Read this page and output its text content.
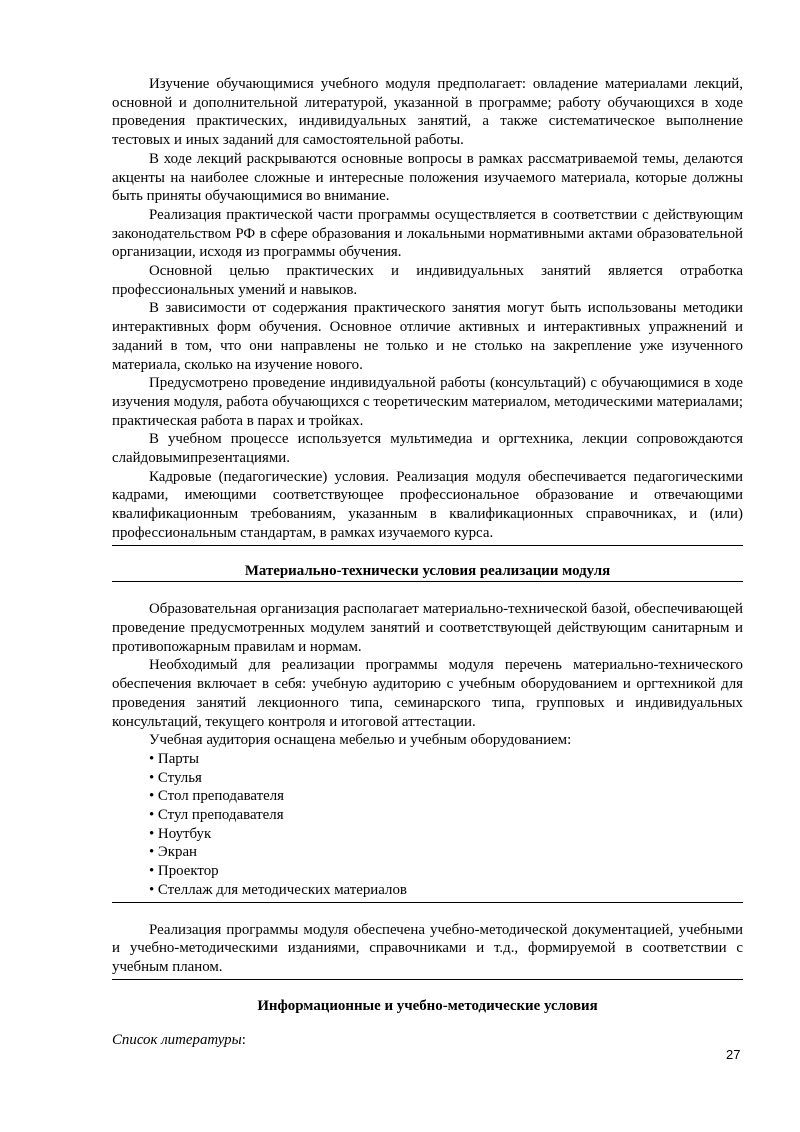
Изучение обучающимися учебного модуля предполагает: овладение материалами лекций, основной и дополнительной литературой, указанной в программе; работу обучающихся в ходе проведения практических, индивидуальных занятий, а также систематическое выполнение тестовых и иных заданий для самостоятельной работы.

В ходе лекций раскрываются основные вопросы в рамках рассматриваемой темы, делаются акценты на наиболее сложные и интересные положения изучаемого материала, которые должны быть приняты обучающимися во внимание.

Реализация практической части программы осуществляется в соответствии с действующим законодательством РФ в сфере образования и локальными нормативными актами образовательной организации, исходя из программы обучения.

Основной целью практических и индивидуальных занятий является отработка профессиональных умений и навыков.

В зависимости от содержания практического занятия могут быть использованы методики интерактивных форм обучения. Основное отличие активных и интерактивных упражнений и заданий в том, что они направлены не только и не столько на закрепление уже изученного материала, сколько на изучение нового.

Предусмотрено проведение индивидуальной работы (консультаций) с обучающимися в ходе изучения модуля, работа обучающихся с теоретическим материалом, методическими материалами; практическая работа в парах и тройках.

В учебном процессе используется мультимедиа и оргтехника, лекции сопровождаются слайдовымипрезентациями.

Кадровые (педагогические) условия. Реализация модуля обеспечивается педагогическими кадрами, имеющими соответствующее профессиональное образование и отвечающими квалификационным требованиям, указанным в квалификационных справочниках, и (или) профессиональным стандартам, в рамках изучаемого курса.

Материально-технически условия реализации модуля

Образовательная организация располагает материально-технической базой, обеспечивающей проведение предусмотренных модулем занятий и соответствующей действующим санитарным и противопожарным правилам и нормам.

Необходимый для реализации программы модуля перечень материально-технического обеспечения включает в себя: учебную аудиторию с учебным оборудованием и оргтехникой для проведения занятий лекционного типа, семинарского типа, групповых и индивидуальных консультаций, текущего контроля и итоговой аттестации.

Учебная аудитория оснащена мебелью и учебным оборудованием:

• Парты
• Стулья
• Стол преподавателя
• Стул преподавателя
• Ноутбук
• Экран
• Проектор
• Стеллаж для методических материалов

Реализация программы модуля обеспечена учебно-методической документацией, учебными и учебно-методическими изданиями, справочниками и т.д., формируемой в соответствии с учебным планом.

Информационные и учебно-методические условия
Список литературы:
27
